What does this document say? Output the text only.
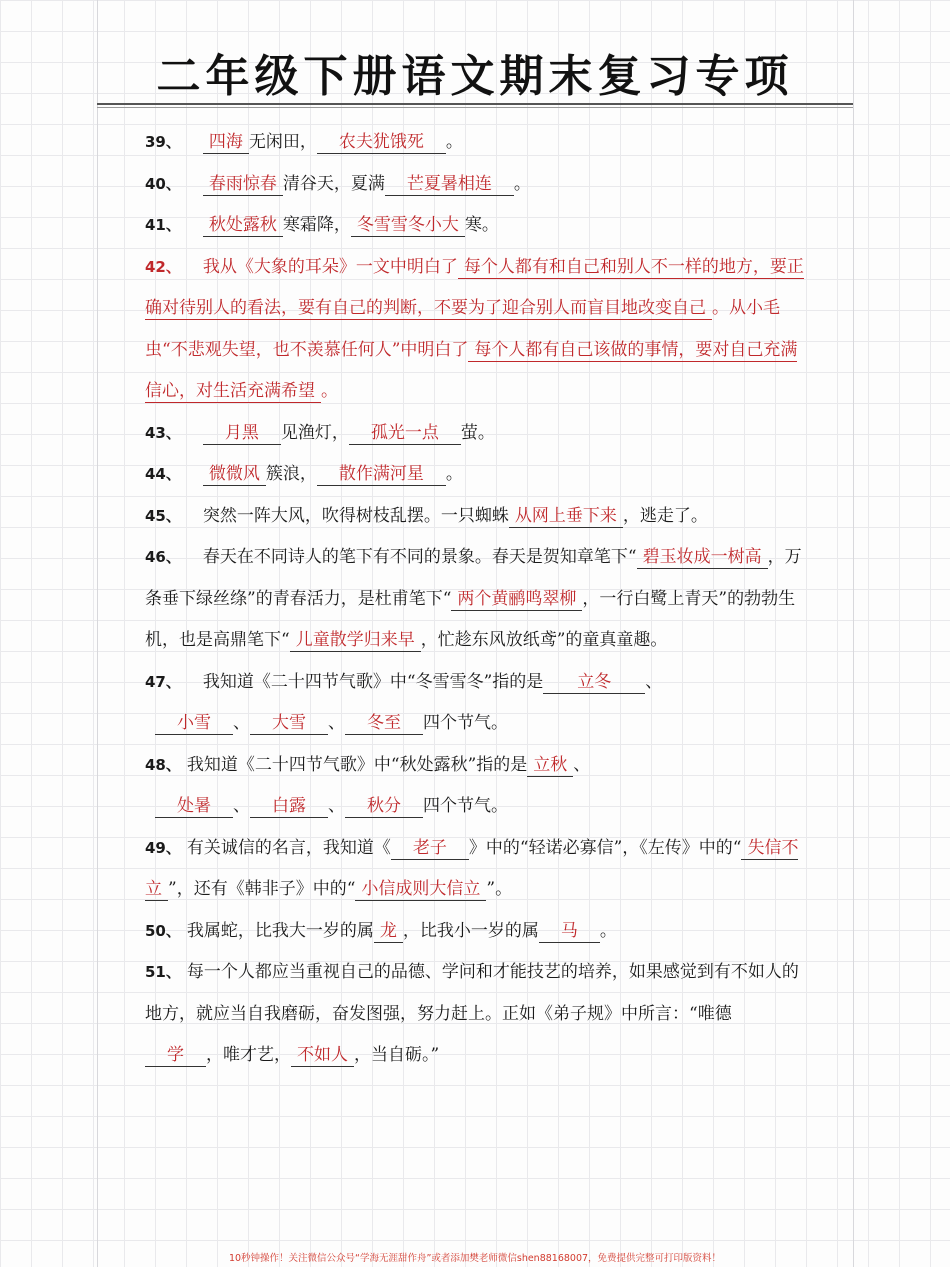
二年级下册语文期末复习专项

39、 四海 无闲田， 农夫犹饿死 。

40、 春雨惊春 清谷天，夏满 芒夏暑相连 。

41、 秋处露秋 寒霜降， 冬雪雪冬小大 寒。

42、 我从《大象的耳朵》一文中明白了 每个人都有和自己和别人不一样的地方，要正确对待别人的看法，要有自己的判断，不要为了迎合别人而盲目地改变自己 。从小毛虫“不悲观失望，也不羡慕任何人”中明白了 每个人都有自己该做的事情，要对自己充满信心，对生活充满希望 。

43、	月黑 见渔灯， 孤光一点 萤。

44、 微微风 簇浪， 散作满河星 。

45、 突然一阵大风，吹得树枝乱摆。一只蜘蛛 从网上垂下来 ，逃走了。

46、 春天在不同诗人的笔下有不同的景象。春天是贺知章笔下“ 碧玉妆成一树高 ，万条垂下绿丝绦”的青春活力，是杜甫笔下“ 两个黄鹂鸣翠柳 ，一行白鹭上青天”的勃勃生机，也是高鼎笔下“ 儿童散学归来早 ，忙趁东风放纸鸢”的童真童趣。

47、 我知道《二十四节气歌》中“冬雪雪冬”指的是 立冬 、
小雪 、 大雪 、 冬至 四个节气。

48、 我知道《二十四节气歌》中“秋处露秋”指的是 立秋 、
处暑 、 白露 、 秋分 四个节气。

49、 有关诚信的名言，我知道《 老子 》中的“轻诺必寡信”，《左传》中的“ 失信不立 ”，还有《韩非子》中的“ 小信成则大信立 ”。

50、 我属蛇，比我大一岁的属 龙 ，比我小一岁的属 马 。

51、 每一个人都应当重视自己的品德、学问和才能技艺的培养，如果感觉到有不如人的地方，就应当自我磨砺，奋发图强，努力赶上。正如《弟子规》中所言：“唯德学 ，唯才艺， 不如人 ，当自砺。”

10秒钟操作！关注微信公众号“学海无涯甜作舟”或者添加樊老师微信shen88168007，免费提供完整可打印版资料！
